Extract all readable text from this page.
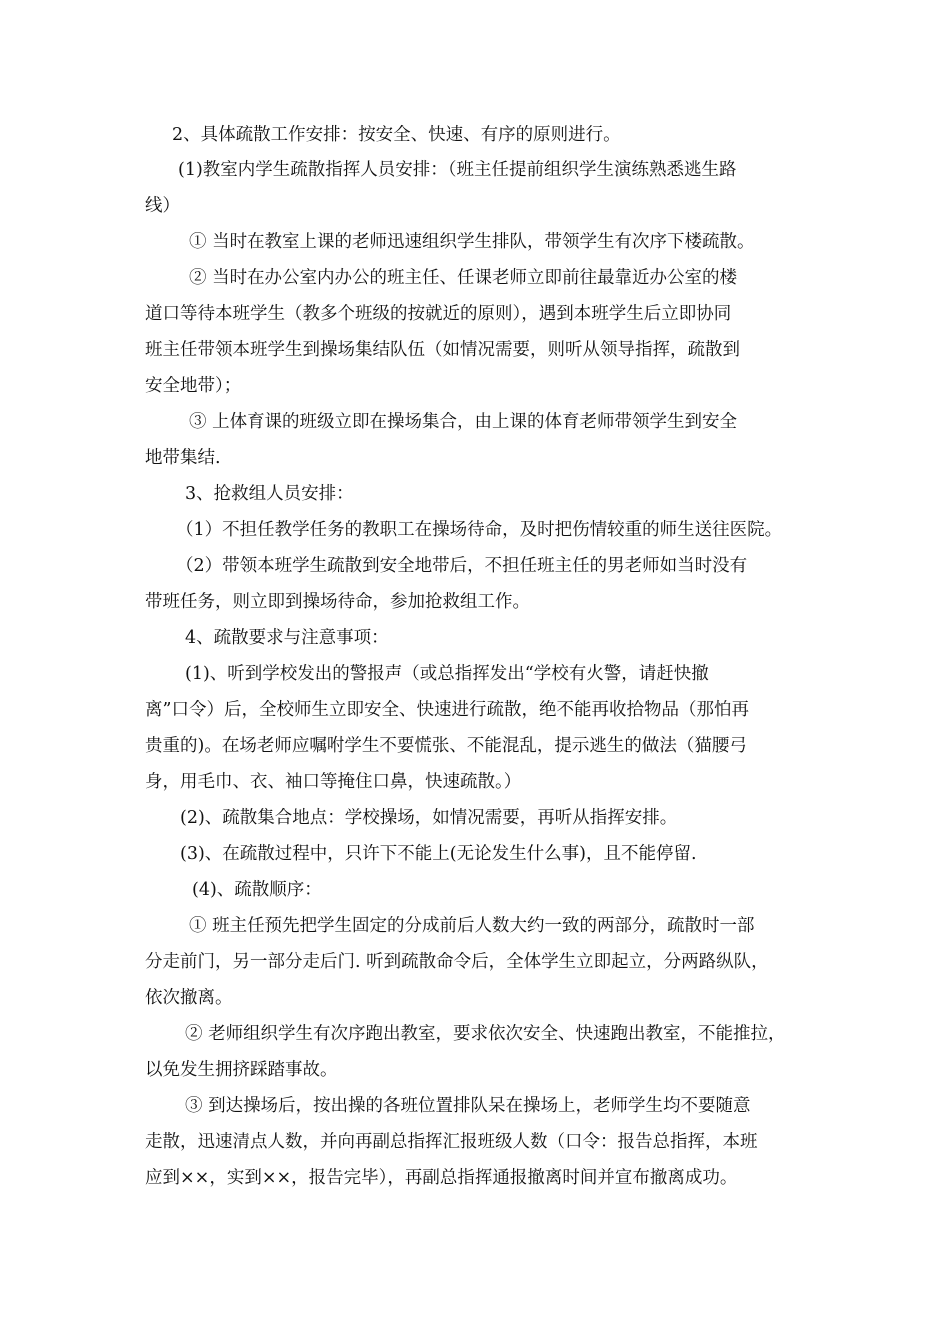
2、具体疏散工作安排：按安全、快速、有序的原则进行。
(1)教室内学生疏散指挥人员安排：（班主任提前组织学生演练熟悉逃生路
线）
① 当时在教室上课的老师迅速组织学生排队，带领学生有次序下楼疏散。
② 当时在办公室内办公的班主任、任课老师立即前往最靠近办公室的楼
道口等待本班学生（教多个班级的按就近的原则），遇到本班学生后立即协同
班主任带领本班学生到操场集结队伍（如情况需要，则听从领导指挥，疏散到
安全地带）；
③ 上体育课的班级立即在操场集合，由上课的体育老师带领学生到安全
地带集结.
3、抢救组人员安排：
（1）不担任教学任务的教职工在操场待命，及时把伤情较重的师生送往医院。
（2）带领本班学生疏散到安全地带后，不担任班主任的男老师如当时没有
带班任务，则立即到操场待命，参加抢救组工作。
4、疏散要求与注意事项：
(1)、听到学校发出的警报声（或总指挥发出“学校有火警，请赶快撤
离”口令）后，全校师生立即安全、快速进行疏散，绝不能再收拾物品（那怕再
贵重的)。在场老师应嘱咐学生不要慌张、不能混乱，提示逃生的做法（猫腰弓
身，用毛巾、衣、袖口等掩住口鼻，快速疏散。）
(2)、疏散集合地点：学校操场，如情况需要，再听从指挥安排。
(3)、在疏散过程中，只许下不能上(无论发生什么事)，且不能停留.
(4)、疏散顺序：
① 班主任预先把学生固定的分成前后人数大约一致的两部分，疏散时一部
分走前门，另一部分走后门. 听到疏散命令后，全体学生立即起立，分两路纵队，
依次撤离。
② 老师组织学生有次序跑出教室，要求依次安全、快速跑出教室，不能推拉，
以免发生拥挤踩踏事故。
③ 到达操场后，按出操的各班位置排队呆在操场上，老师学生均不要随意
走散，迅速清点人数，并向再副总指挥汇报班级人数（口令：报告总指挥，本班
应到××，实到××，报告完毕），再副总指挥通报撤离时间并宣布撤离成功。
